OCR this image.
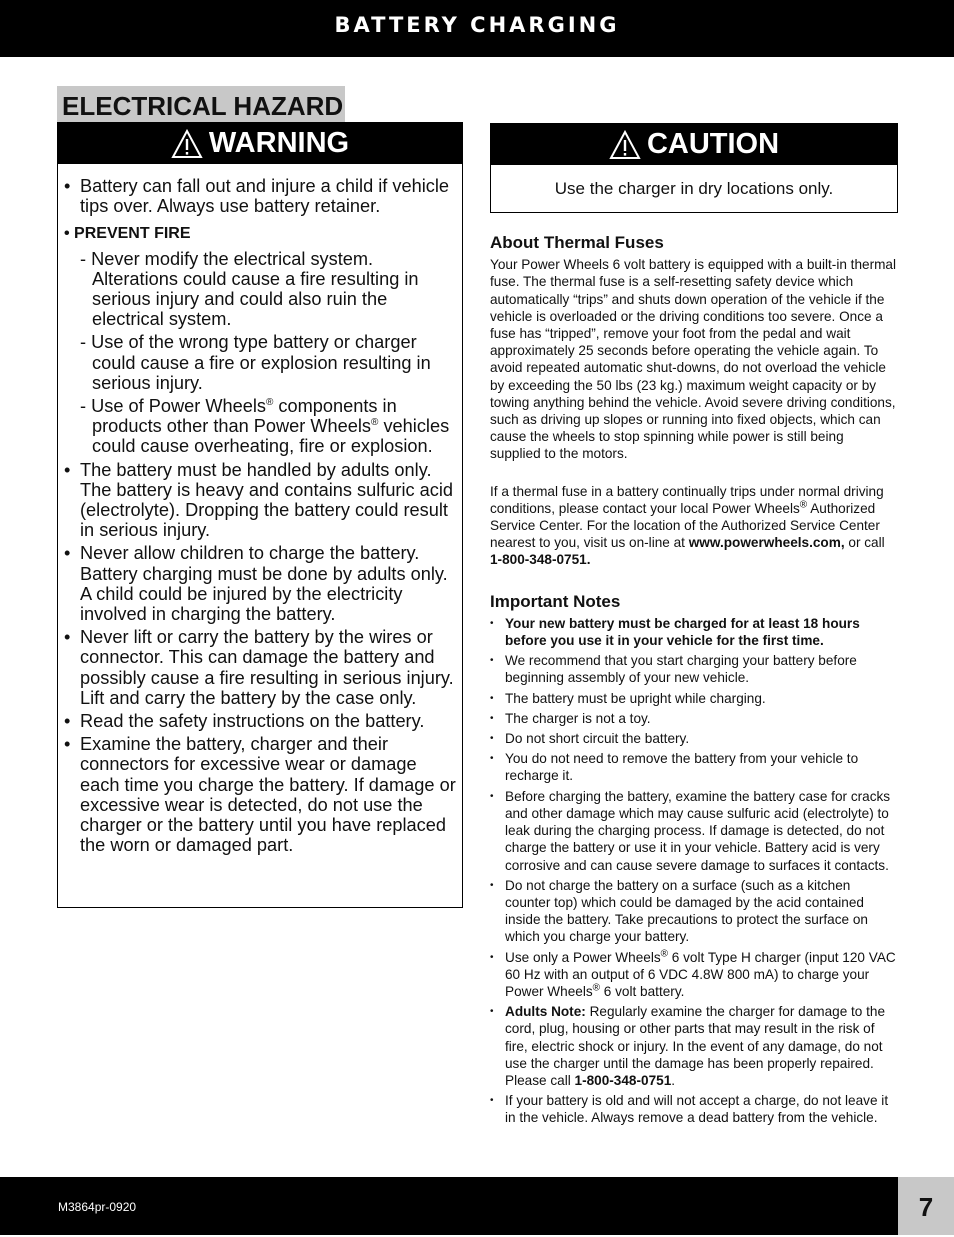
BATTERY CHARGING
ELECTRICAL HAZARD
WARNING
• Battery can fall out and injure a child if vehicle tips over. Always use battery retainer.
• PREVENT FIRE
- Never modify the electrical system. Alterations could cause a fire resulting in serious injury and could also ruin the electrical system.
- Use of the wrong type battery or charger could cause a fire or explosion resulting in serious injury.
- Use of Power Wheels® components in products other than Power Wheels® vehicles could cause overheating, fire or explosion.
• The battery must be handled by adults only. The battery is heavy and contains sulfuric acid (electrolyte). Dropping the battery could result in serious injury.
• Never allow children to charge the battery. Battery charging must be done by adults only. A child could be injured by the electricity involved in charging the battery.
• Never lift or carry the battery by the wires or connector. This can damage the battery and possibly cause a fire resulting in serious injury. Lift and carry the battery by the case only.
• Read the safety instructions on the battery.
• Examine the battery, charger and their connectors for excessive wear or damage each time you charge the battery. If damage or excessive wear is detected, do not use the charger or the battery until you have replaced the worn or damaged part.
CAUTION
Use the charger in dry locations only.
About Thermal Fuses

Your Power Wheels 6 volt battery is equipped with a built-in thermal fuse. The thermal fuse is a self-resetting safety device which automatically “trips” and shuts down operation of the vehicle if the vehicle is overloaded or the driving conditions too severe. Once a fuse has “tripped”, remove your foot from the pedal and wait approximately 25 seconds before operating the vehicle again. To avoid repeated automatic shut-downs, do not overload the vehicle by exceeding the 50 lbs (23 kg.) maximum weight capacity or by towing anything behind the vehicle. Avoid severe driving conditions, such as driving up slopes or running into fixed objects, which can cause the wheels to stop spinning while power is still being supplied to the motors.

If a thermal fuse in a battery continually trips under normal driving conditions, please contact your local Power Wheels® Authorized Service Center. For the location of the Authorized Service Center nearest to you, visit us on-line at www.powerwheels.com, or call 1-800-348-0751.

Important Notes
• Your new battery must be charged for at least 18 hours before you use it in your vehicle for the first time.
• We recommend that you start charging your battery before beginning assembly of your new vehicle.
• The battery must be upright while charging.
• The charger is not a toy.
• Do not short circuit the battery.
• You do not need to remove the battery from your vehicle to recharge it.
• Before charging the battery, examine the battery case for cracks and other damage which may cause sulfuric acid (electrolyte) to leak during the charging process. If damage is detected, do not charge the battery or use it in your vehicle. Battery acid is very corrosive and can cause severe damage to surfaces it contacts.
• Do not charge the battery on a surface (such as a kitchen counter top) which could be damaged by the acid contained inside the battery. Take precautions to protect the surface on which you charge your battery.
• Use only a Power Wheels® 6 volt Type H charger (input 120 VAC 60 Hz with an output of 6 VDC 4.8W 800 mA) to charge your Power Wheels® 6 volt battery.
• Adults Note: Regularly examine the charger for damage to the cord, plug, housing or other parts that may result in the risk of fire, electric shock or injury. In the event of any damage, do not use the charger until the damage has been properly repaired. Please call 1-800-348-0751.
• If your battery is old and will not accept a charge, do not leave it in the vehicle. Always remove a dead battery from the vehicle.
M3864pr-0920	7
